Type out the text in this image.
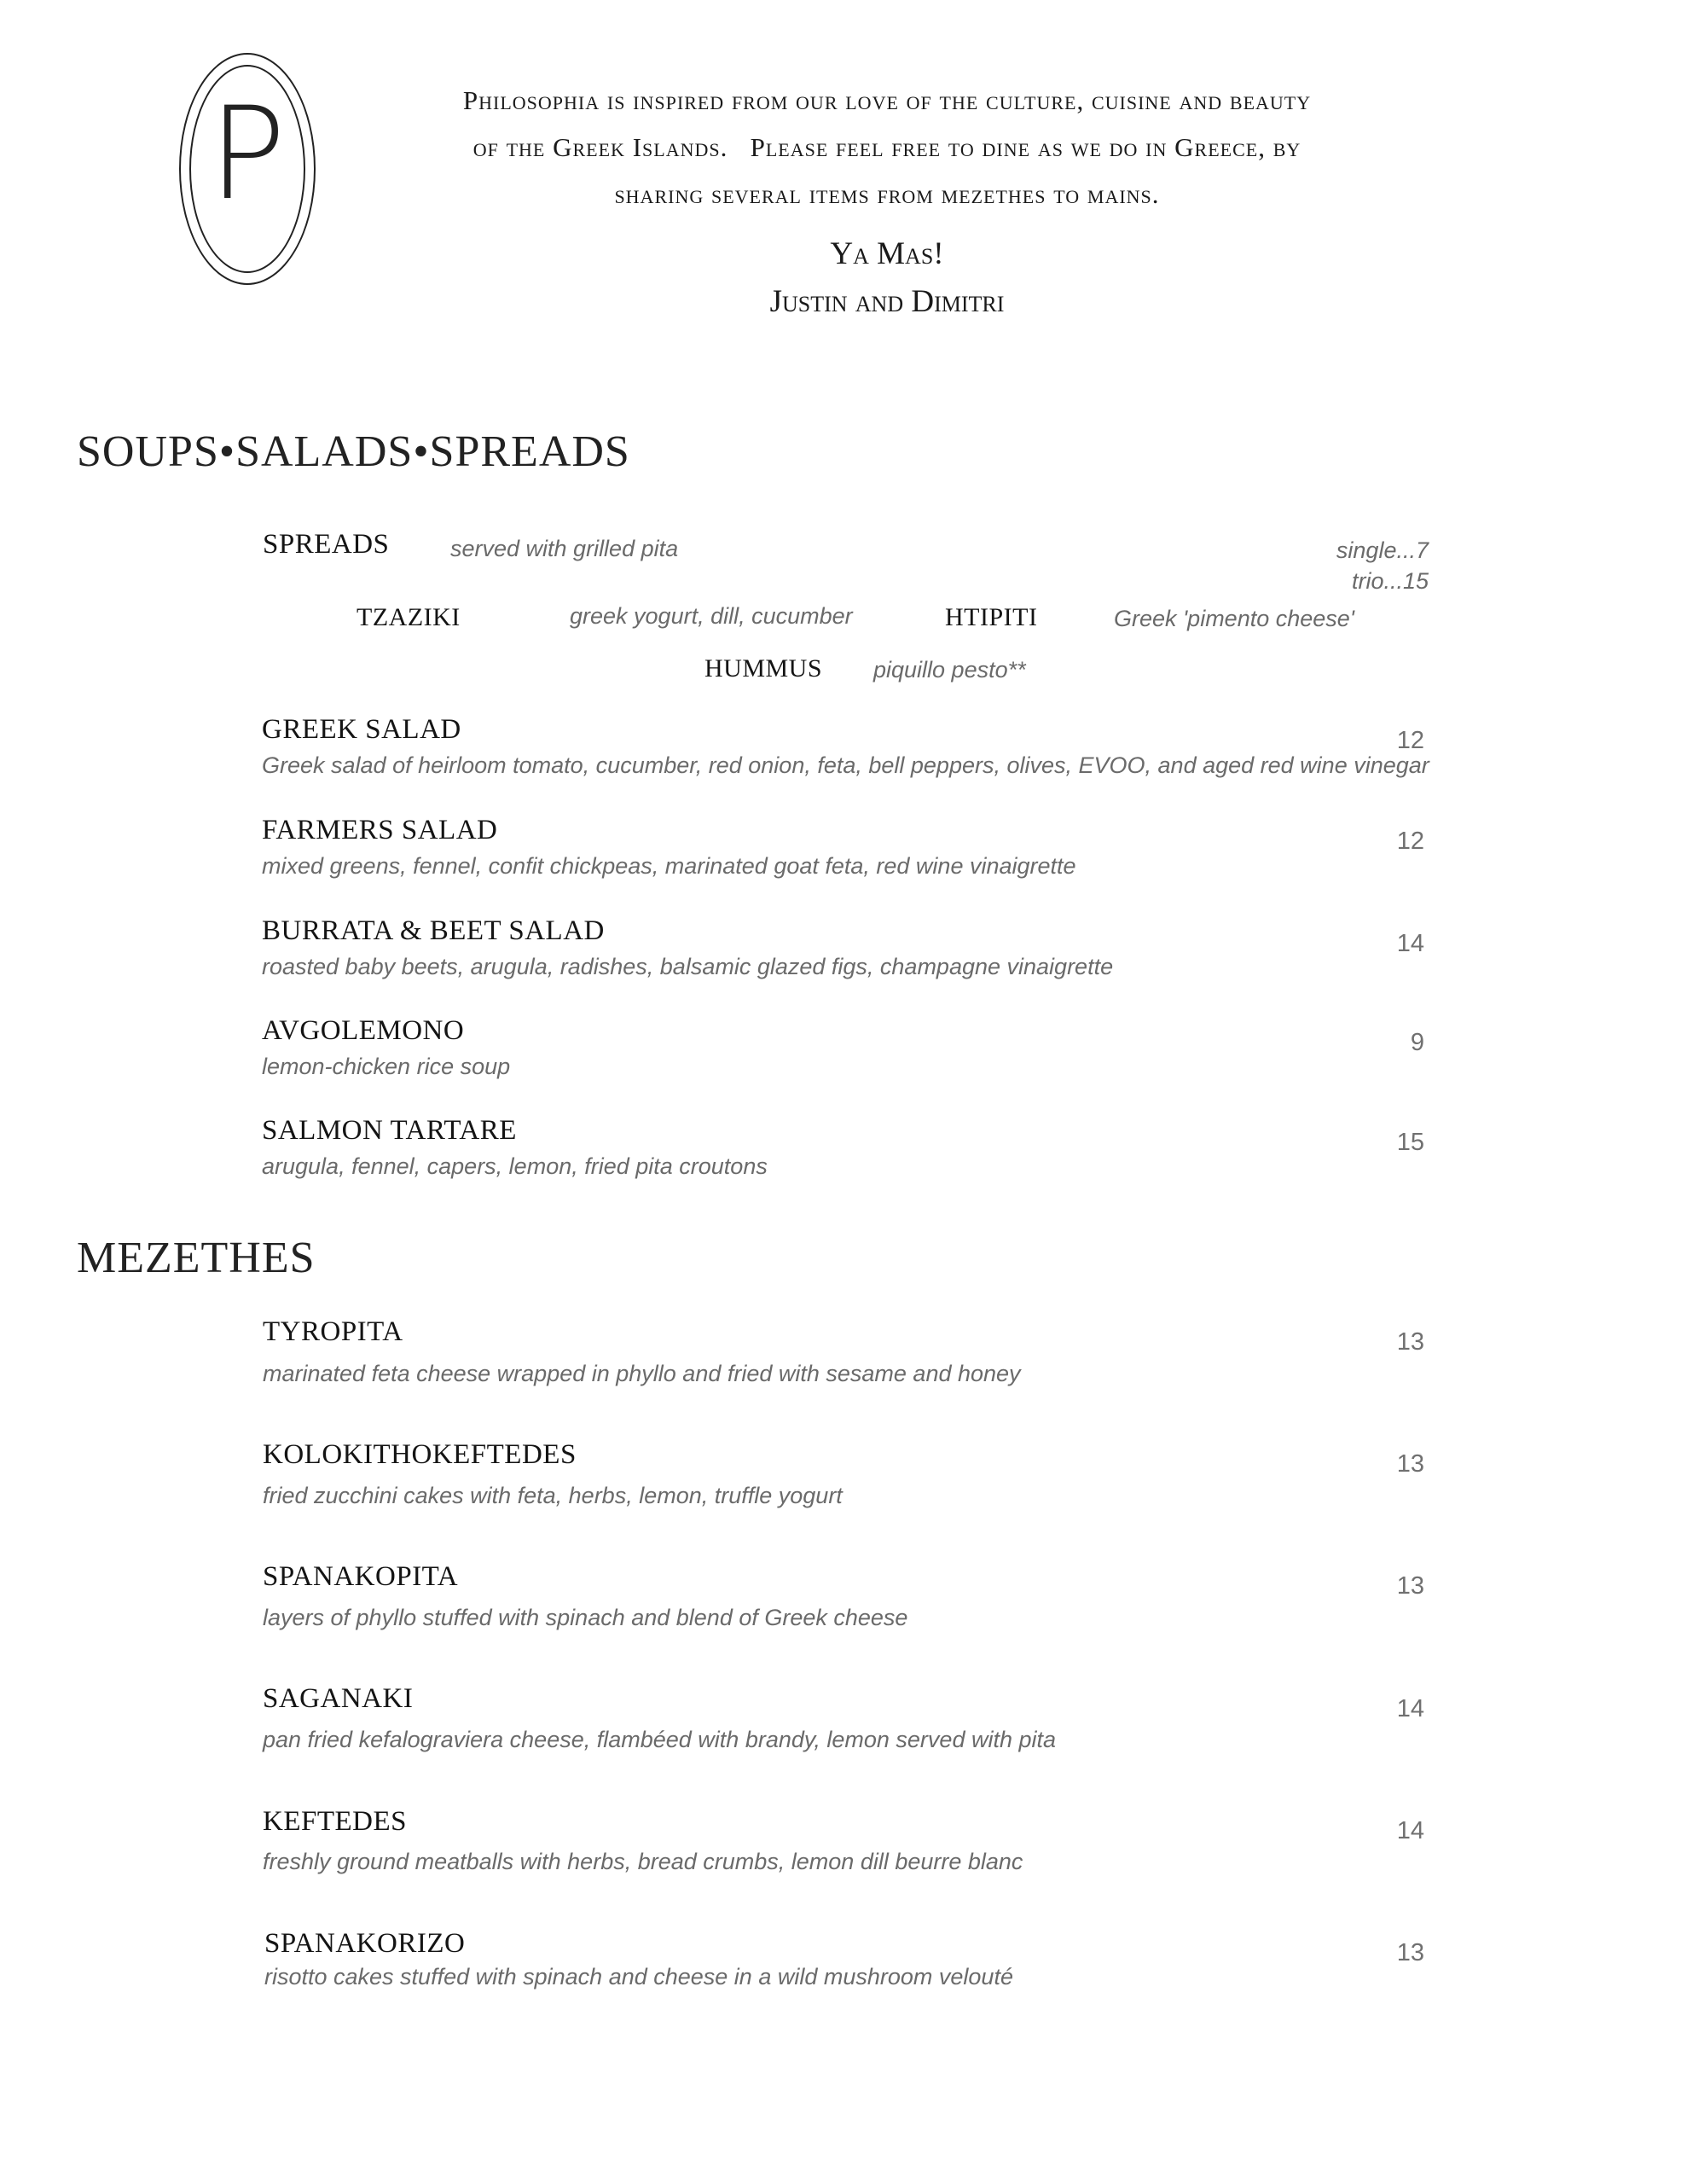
P	Philosophia is inspired from our love of the culture, cuisine and beauty
of the Greek Islands.   Please feel free to dine as we do in Greece, by
sharing several items from mezethes to mains.
Ya Mas!
Justin and Dimitri
SOUPS•SALADS•SPREADS
SPREADS	served with grilled pita	single...7
trio...15
TZAZIKI	greek yogurt, dill, cucumber	HTIPITI	Greek 'pimento cheese'
HUMMUS piquillo pesto**
GREEK SALAD
Greek salad of heirloom tomato, cucumber, red onion, feta, bell peppers, olives, EVOO, and aged red wine vinegar
12
FARMERS SALAD
mixed greens, fennel, confit chickpeas, marinated goat feta, red wine vinaigrette
12
BURRATA & BEET SALAD
roasted baby beets, arugula, radishes, balsamic glazed figs, champagne vinaigrette
14
AVGOLEMONO
lemon-chicken rice soup
9
SALMON TARTARE
arugula, fennel, capers, lemon, fried pita croutons
15
MEZETHES
TYROPITA
marinated feta cheese wrapped in phyllo and fried with sesame and honey
13
KOLOKITHOKEFTEDES
fried zucchini cakes with feta, herbs, lemon, truffle yogurt
13
SPANAKOPITA
layers of phyllo stuffed with spinach and blend of Greek cheese
13
SAGANAKI
pan fried kefalograviera cheese, flambéed with brandy, lemon served with pita
14
KEFTEDES
freshly ground meatballs with herbs, bread crumbs, lemon dill beurre blanc
14
SPANAKORIZO
risotto cakes stuffed with spinach and cheese in a wild mushroom velouté
13
